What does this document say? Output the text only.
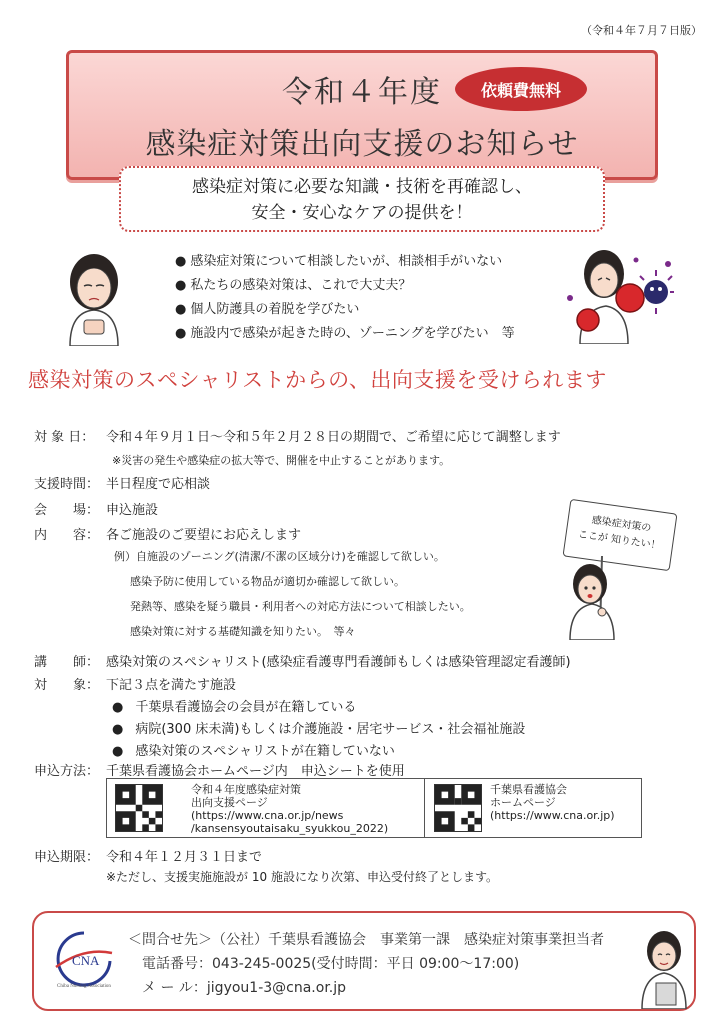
（令和４年７月７日版）
令和４年度	依頼費無料
感染症対策出向支援のお知らせ
感染症対策に必要な知識・技術を再確認し、
安全・安心なケアの提供を！
● 感染症対策について相談したいが、相談相手がいない
● 私たちの感染対策は、これで大丈夫？
● 個人防護具の着脱を学びたい
● 施設内で感染が起きた時の、ゾーニングを学びたい　等
感染対策のスペシャリストからの、出向支援を受けられます
対 象 日： 令和４年９月１日～令和５年２月２８日の期間で、ご希望に応じて調整します
※災害の発生や感染症の拡大等で、開催を中止することがあります。
支援時間： 半日程度で応相談
会　　場： 申込施設
内　　容： 各ご施設のご要望にお応えします
例）自施設のゾーニング(清潔/不潔の区域分け)を確認して欲しい。
感染予防に使用している物品が適切か確認して欲しい。
発熱等、感染を疑う職員・利用者への対応方法について相談したい。
感染対策に対する基礎知識を知りたい。　等々
感染症対策の
ここが 知りたい！
講　　師： 感染対策のスペシャリスト(感染症看護専門看護師もしくは感染管理認定看護師)
対　　象： 下記３点を満たす施設
● 千葉県看護協会の会員が在籍している
● 病院(300 床未満)もしくは介護施設・居宅サービス・社会福祉施設
● 感染対策のスペシャリストが在籍していない
申込方法： 千葉県看護協会ホームページ内　申込シートを使用
令和４年度感染症対策
出向支援ページ
(https://www.cna.or.jp/news
/kansensyoutaisaku_syukkou_2022)
千葉県看護協会
ホームページ
(https://www.cna.or.jp)
申込期限： 令和４年１２月３１日まで
※ただし、支援実施施設が 10 施設になり次第、申込受付終了とします。
CNA
Chiba Nursing Association
＜問合せ先＞（公社）千葉県看護協会　事業第一課　感染症対策事業担当者
電話番号：043-245-0025(受付時間：平日 09:00～17:00)
メ ー ル：jigyou1-3@cna.or.jp
